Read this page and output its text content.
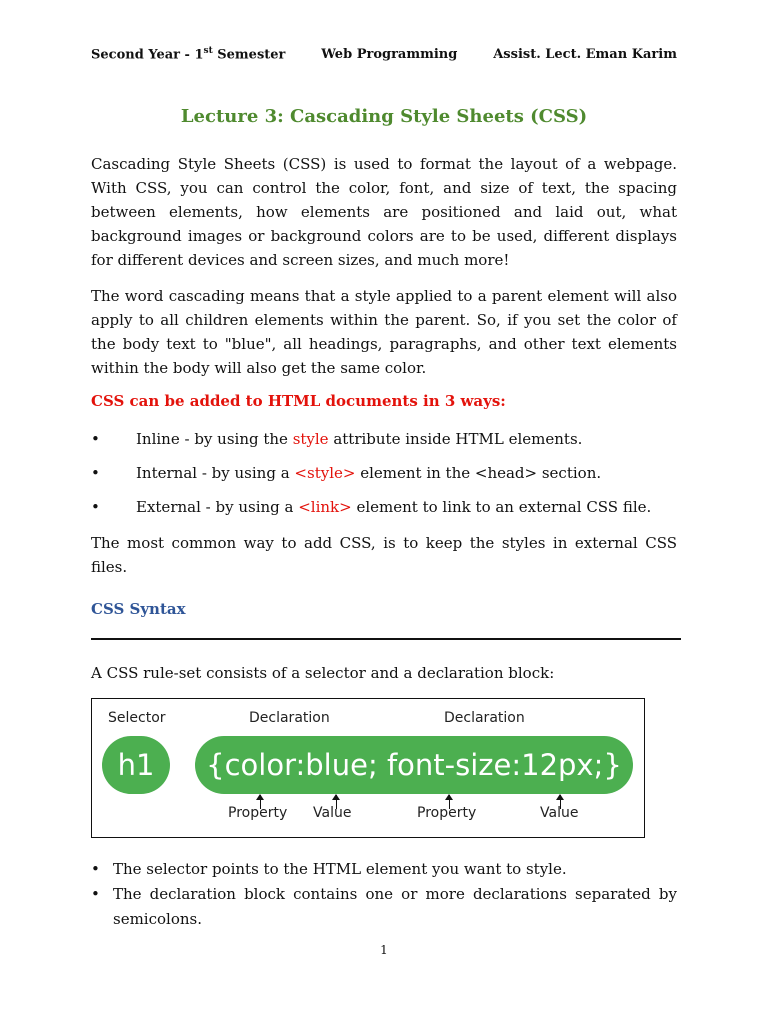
Second Year - 1st Semester	Web Programming	Assist. Lect. Eman Karim
Lecture 3: Cascading Style Sheets (CSS)

Cascading Style Sheets (CSS) is used to format the layout of a webpage. With CSS, you can control the color, font, and size of text, the spacing between elements, how elements are positioned and laid out, what background images or background colors are to be used, different displays for different devices and screen sizes, and much more!

The word cascading means that a style applied to a parent element will also apply to all children elements within the parent. So, if you set the color of the body text to "blue", all headings, paragraphs, and other text elements within the body will also get the same color.

CSS can be added to HTML documents in 3 ways:
• Inline - by using the style attribute inside HTML elements.
• Internal - by using a <style> element in the <head> section.
• External - by using a <link> element to link to an external CSS file.

The most common way to add CSS, is to keep the styles in external CSS files.

CSS Syntax
A CSS rule-set consists of a selector and a declaration block:
Selector	Declaration	Declaration
h1	{color:blue; font-size:12px;}
Property Value	Property	Value
• The selector points to the HTML element you want to style.
• The declaration block contains one or more declarations separated by semicolons.
1
